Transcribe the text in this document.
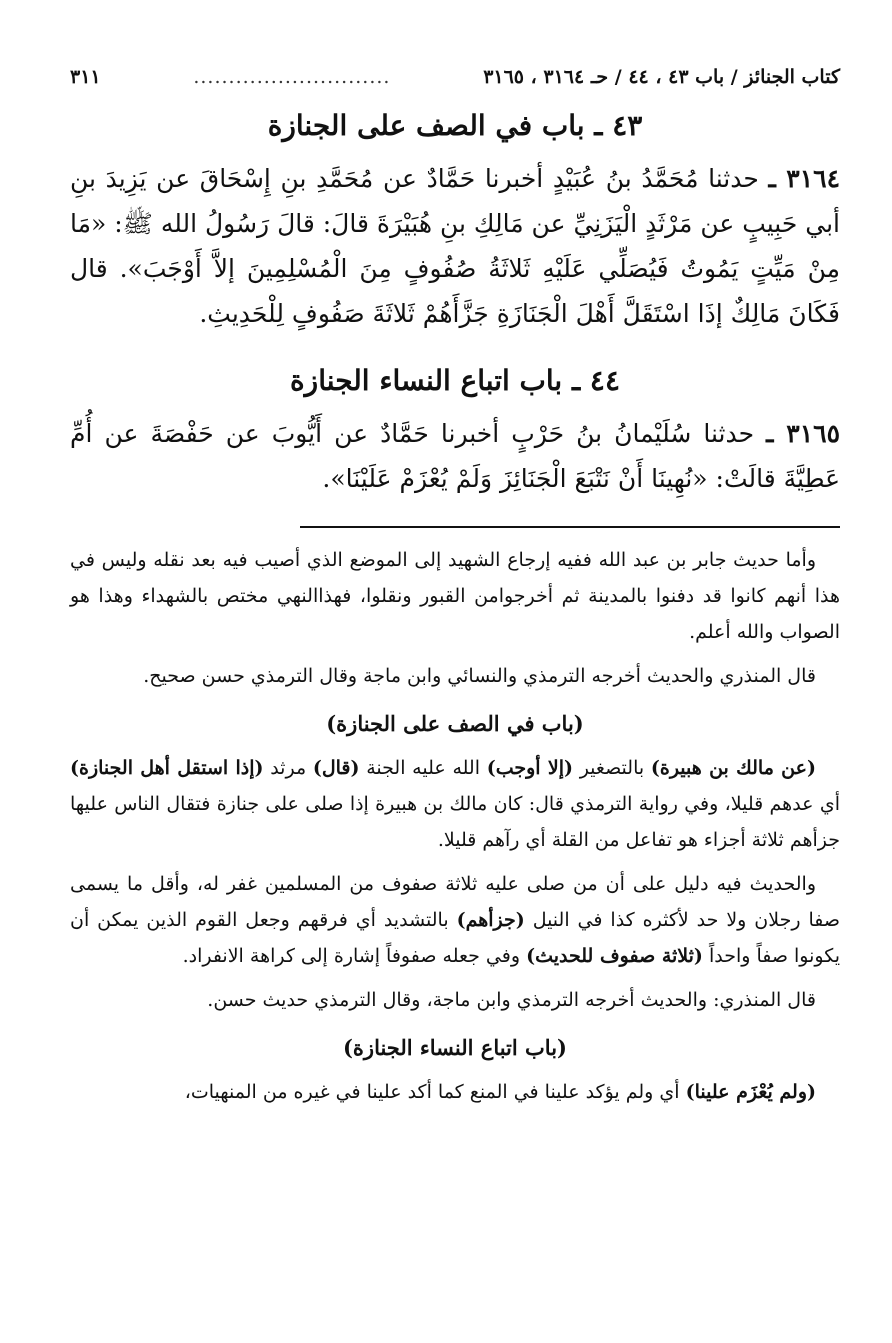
كتاب الجنائز / باب ٤٣ ، ٤٤ / حـ ٣١٦٤ ، ٣١٦٥
............................
٣١١
٤٣ ـ باب في الصف على الجنازة

٣١٦٤ ـ حدثنا مُحَمَّدُ بنُ عُبَيْدٍ أخبرنا حَمَّادٌ عن مُحَمَّدِ بنِ إِسْحَاقَ عن يَزِيدَ بنِ أبي حَبِيبٍ عن مَرْثَدٍ الْيَزَنِيِّ عن مَالِكِ بنِ هُبَيْرَةَ قالَ: قالَ رَسُولُ الله ﷺ: «مَا مِنْ مَيِّتٍ يَمُوتُ فَيُصَلِّي عَلَيْهِ ثَلاثَةُ صُفُوفٍ مِنَ الْمُسْلِمِينَ إلاَّ أَوْجَبَ». قال فَكَانَ مَالِكٌ إذَا اسْتَقَلَّ أَهْلَ الْجَنَازَةِ جَزَّأَهُمْ ثَلاثَةَ صَفُوفٍ لِلْحَدِيثِ.

٤٤ ـ باب اتباع النساء الجنازة

٣١٦٥ ـ حدثنا سُلَيْمانُ بنُ حَرْبٍ أخبرنا حَمَّادٌ عن أَيُّوبَ عن حَفْصَةَ عن أُمِّ عَطِيَّةَ قالَتْ: «نُهِينَا أَنْ نَتْبَعَ الْجَنَائِزَ وَلَمْ يُعْزَمْ عَلَيْنَا».

وأما حديث جابر بن عبد الله ففيه إرجاع الشهيد إلى الموضع الذي أصيب فيه بعد نقله وليس في هذا أنهم كانوا قد دفنوا بالمدينة ثم أخرجوامن القبور ونقلوا، فهذاالنهي مختص بالشهداء وهذا هو الصواب والله أعلم.

قال المنذري والحديث أخرجه الترمذي والنسائي وابن ماجة وقال الترمذي حسن صحيح.

(باب في الصف على الجنازة)

(عن مالك بن هبيرة) بالتصغير (إلا أوجب) الله عليه الجنة (قال) مرثد (إذا استقل أهل الجنازة) أي عدهم قليلا، وفي رواية الترمذي قال: كان مالك بن هبيرة إذا صلى على جنازة فتقال الناس عليها جزأهم ثلاثة أجزاء هو تفاعل من القلة أي رآهم قليلا.

والحديث فيه دليل على أن من صلى عليه ثلاثة صفوف من المسلمين غفر له، وأقل ما يسمى صفا رجلان ولا حد لأكثره كذا في النيل (جزأهم) بالتشديد أي فرقهم وجعل القوم الذين يمكن أن يكونوا صفاً واحداً (ثلاثة صفوف للحديث) وفي جعله صفوفاً إشارة إلى كراهة الانفراد.

قال المنذري: والحديث أخرجه الترمذي وابن ماجة، وقال الترمذي حديث حسن.

(باب اتباع النساء الجنازة)

(ولم يُعْزَم علينا) أي ولم يؤكد علينا في المنع كما أكد علينا في غيره من المنهيات،
